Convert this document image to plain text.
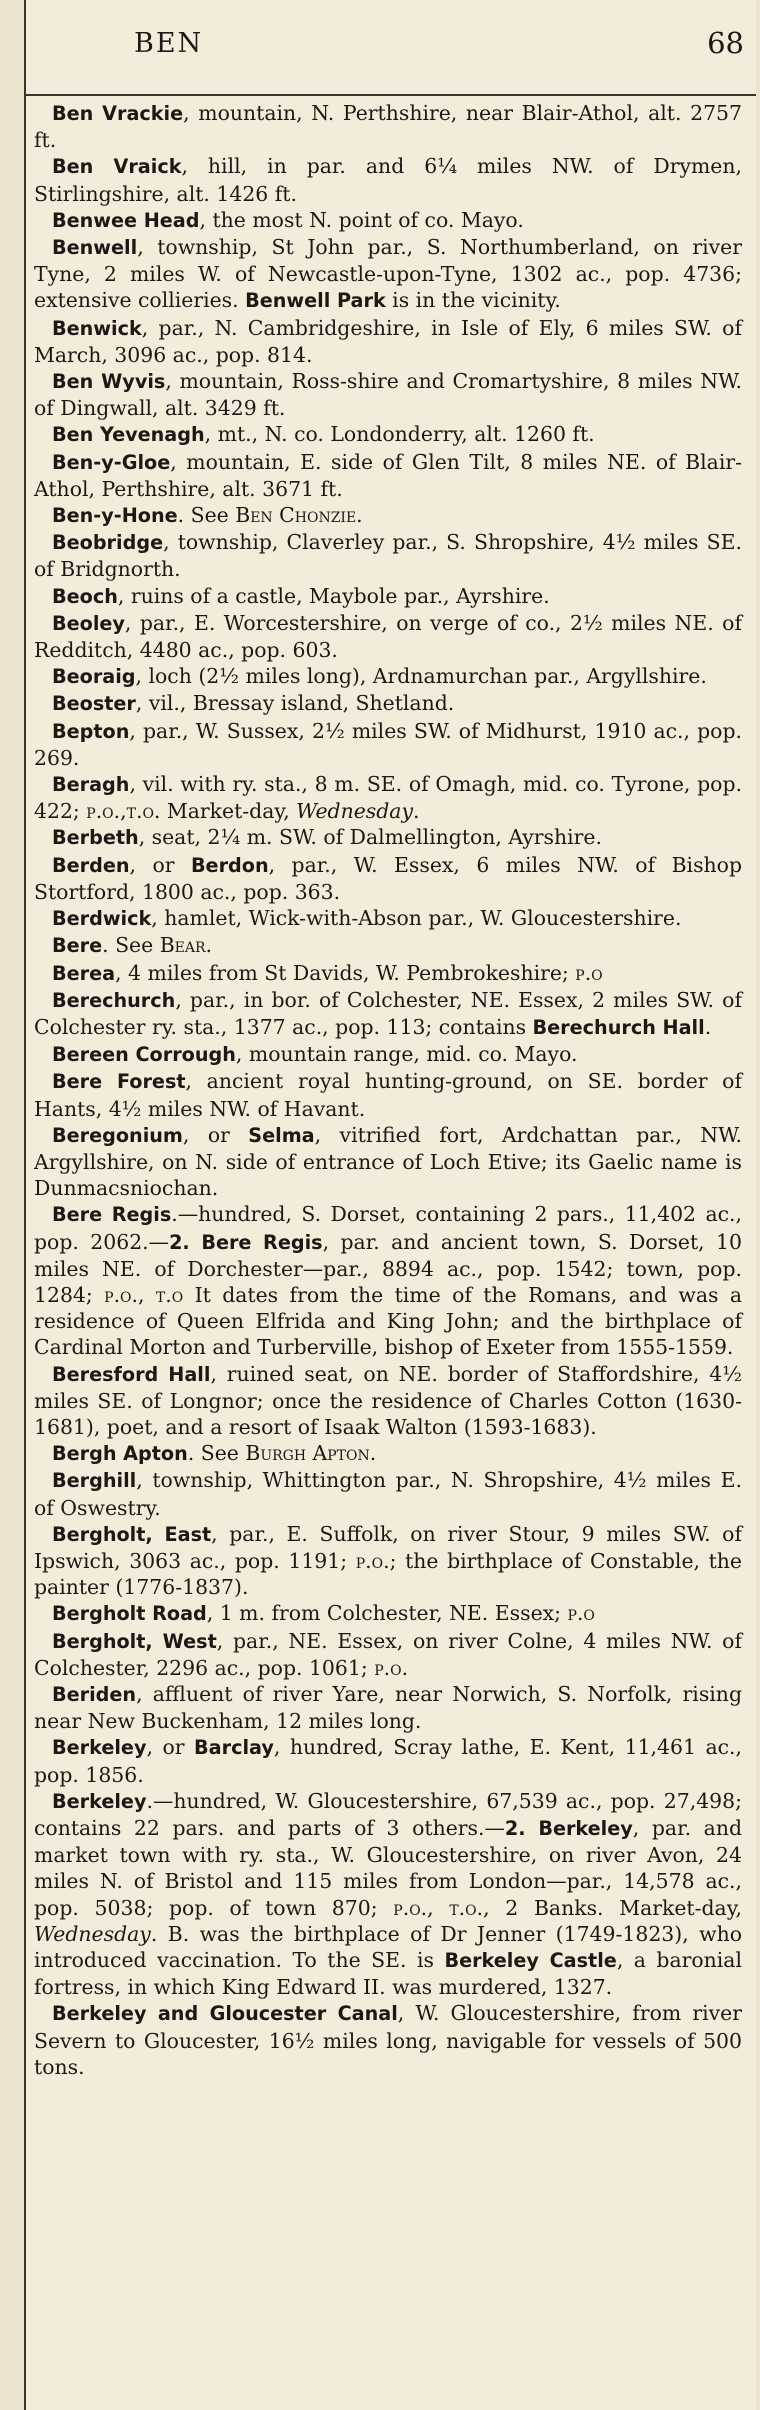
BEN	68

Ben Vrackie, mountain, N. Perthshire, near Blair-Athol, alt. 2757 ft.

Ben Vraick, hill, in par. and 6¼ miles NW. of Drymen, Stirlingshire, alt. 1426 ft.

Benwee Head, the most N. point of co. Mayo.

Benwell, township, St John par., S. Northumberland, on river Tyne, 2 miles W. of Newcastle-upon-Tyne, 1302 ac., pop. 4736; extensive collieries. Benwell Park is in the vicinity.

Benwick, par., N. Cambridgeshire, in Isle of Ely, 6 miles SW. of March, 3096 ac., pop. 814.

Ben Wyvis, mountain, Ross-shire and Cromartyshire, 8 miles NW. of Dingwall, alt. 3429 ft.

Ben Yevenagh, mt., N. co. Londonderry, alt. 1260 ft.

Ben-y-Gloe, mountain, E. side of Glen Tilt, 8 miles NE. of Blair-Athol, Perthshire, alt. 3671 ft.

Ben-y-Hone. See Ben Chonzie.

Beobridge, township, Claverley par., S. Shropshire, 4½ miles SE. of Bridgnorth.

Beoch, ruins of a castle, Maybole par., Ayrshire.

Beoley, par., E. Worcestershire, on verge of co., 2½ miles NE. of Redditch, 4480 ac., pop. 603.

Beoraig, loch (2½ miles long), Ardnamurchan par., Argyllshire.

Beoster, vil., Bressay island, Shetland.

Bepton, par., W. Sussex, 2½ miles SW. of Midhurst, 1910 ac., pop. 269.

Beragh, vil. with ry. sta., 8 m. SE. of Omagh, mid. co. Tyrone, pop. 422; p.o.,t.o. Market-day, Wednesday.

Berbeth, seat, 2¼ m. SW. of Dalmellington, Ayrshire.

Berden, or Berdon, par., W. Essex, 6 miles NW. of Bishop Stortford, 1800 ac., pop. 363.

Berdwick, hamlet, Wick-with-Abson par., W. Gloucestershire.

Bere. See Bear.

Berea, 4 miles from St Davids, W. Pembrokeshire; p.o

Berechurch, par., in bor. of Colchester, NE. Essex, 2 miles SW. of Colchester ry. sta., 1377 ac., pop. 113; contains Berechurch Hall.

Bereen Corrough, mountain range, mid. co. Mayo.

Bere Forest, ancient royal hunting-ground, on SE. border of Hants, 4½ miles NW. of Havant.

Beregonium, or Selma, vitrified fort, Ardchattan par., NW. Argyllshire, on N. side of entrance of Loch Etive; its Gaelic name is Dunmacsniochan.

Bere Regis.—hundred, S. Dorset, containing 2 pars., 11,402 ac., pop. 2062.—2. Bere Regis, par. and ancient town, S. Dorset, 10 miles NE. of Dorchester—par., 8894 ac., pop. 1542; town, pop. 1284; p.o., t.o It dates from the time of the Romans, and was a residence of Queen Elfrida and King John; and the birthplace of Cardinal Morton and Turberville, bishop of Exeter from 1555-1559.

Beresford Hall, ruined seat, on NE. border of Staffordshire, 4½ miles SE. of Longnor; once the residence of Charles Cotton (1630-1681), poet, and a resort of Isaak Walton (1593-1683).

Bergh Apton. See Burgh Apton.

Berghill, township, Whittington par., N. Shropshire, 4½ miles E. of Oswestry.

Bergholt, East, par., E. Suffolk, on river Stour, 9 miles SW. of Ipswich, 3063 ac., pop. 1191; p.o.; the birthplace of Constable, the painter (1776-1837).

Bergholt Road, 1 m. from Colchester, NE. Essex; p.o

Bergholt, West, par., NE. Essex, on river Colne, 4 miles NW. of Colchester, 2296 ac., pop. 1061; p.o.

Beriden, affluent of river Yare, near Norwich, S. Norfolk, rising near New Buckenham, 12 miles long.

Berkeley, or Barclay, hundred, Scray lathe, E. Kent, 11,461 ac., pop. 1856.

Berkeley.—hundred, W. Gloucestershire, 67,539 ac., pop. 27,498; contains 22 pars. and parts of 3 others.—2. Berkeley, par. and market town with ry. sta., W. Gloucestershire, on river Avon, 24 miles N. of Bristol and 115 miles from London—par., 14,578 ac., pop. 5038; pop. of town 870; p.o., t.o., 2 Banks. Market-day, Wednesday. B. was the birthplace of Dr Jenner (1749-1823), who introduced vaccination. To the SE. is Berkeley Castle, a baronial fortress, in which King Edward II. was murdered, 1327.

Berkeley and Gloucester Canal, W. Gloucestershire, from river Severn to Gloucester, 16½ miles long, navigable for vessels of 500 tons.
